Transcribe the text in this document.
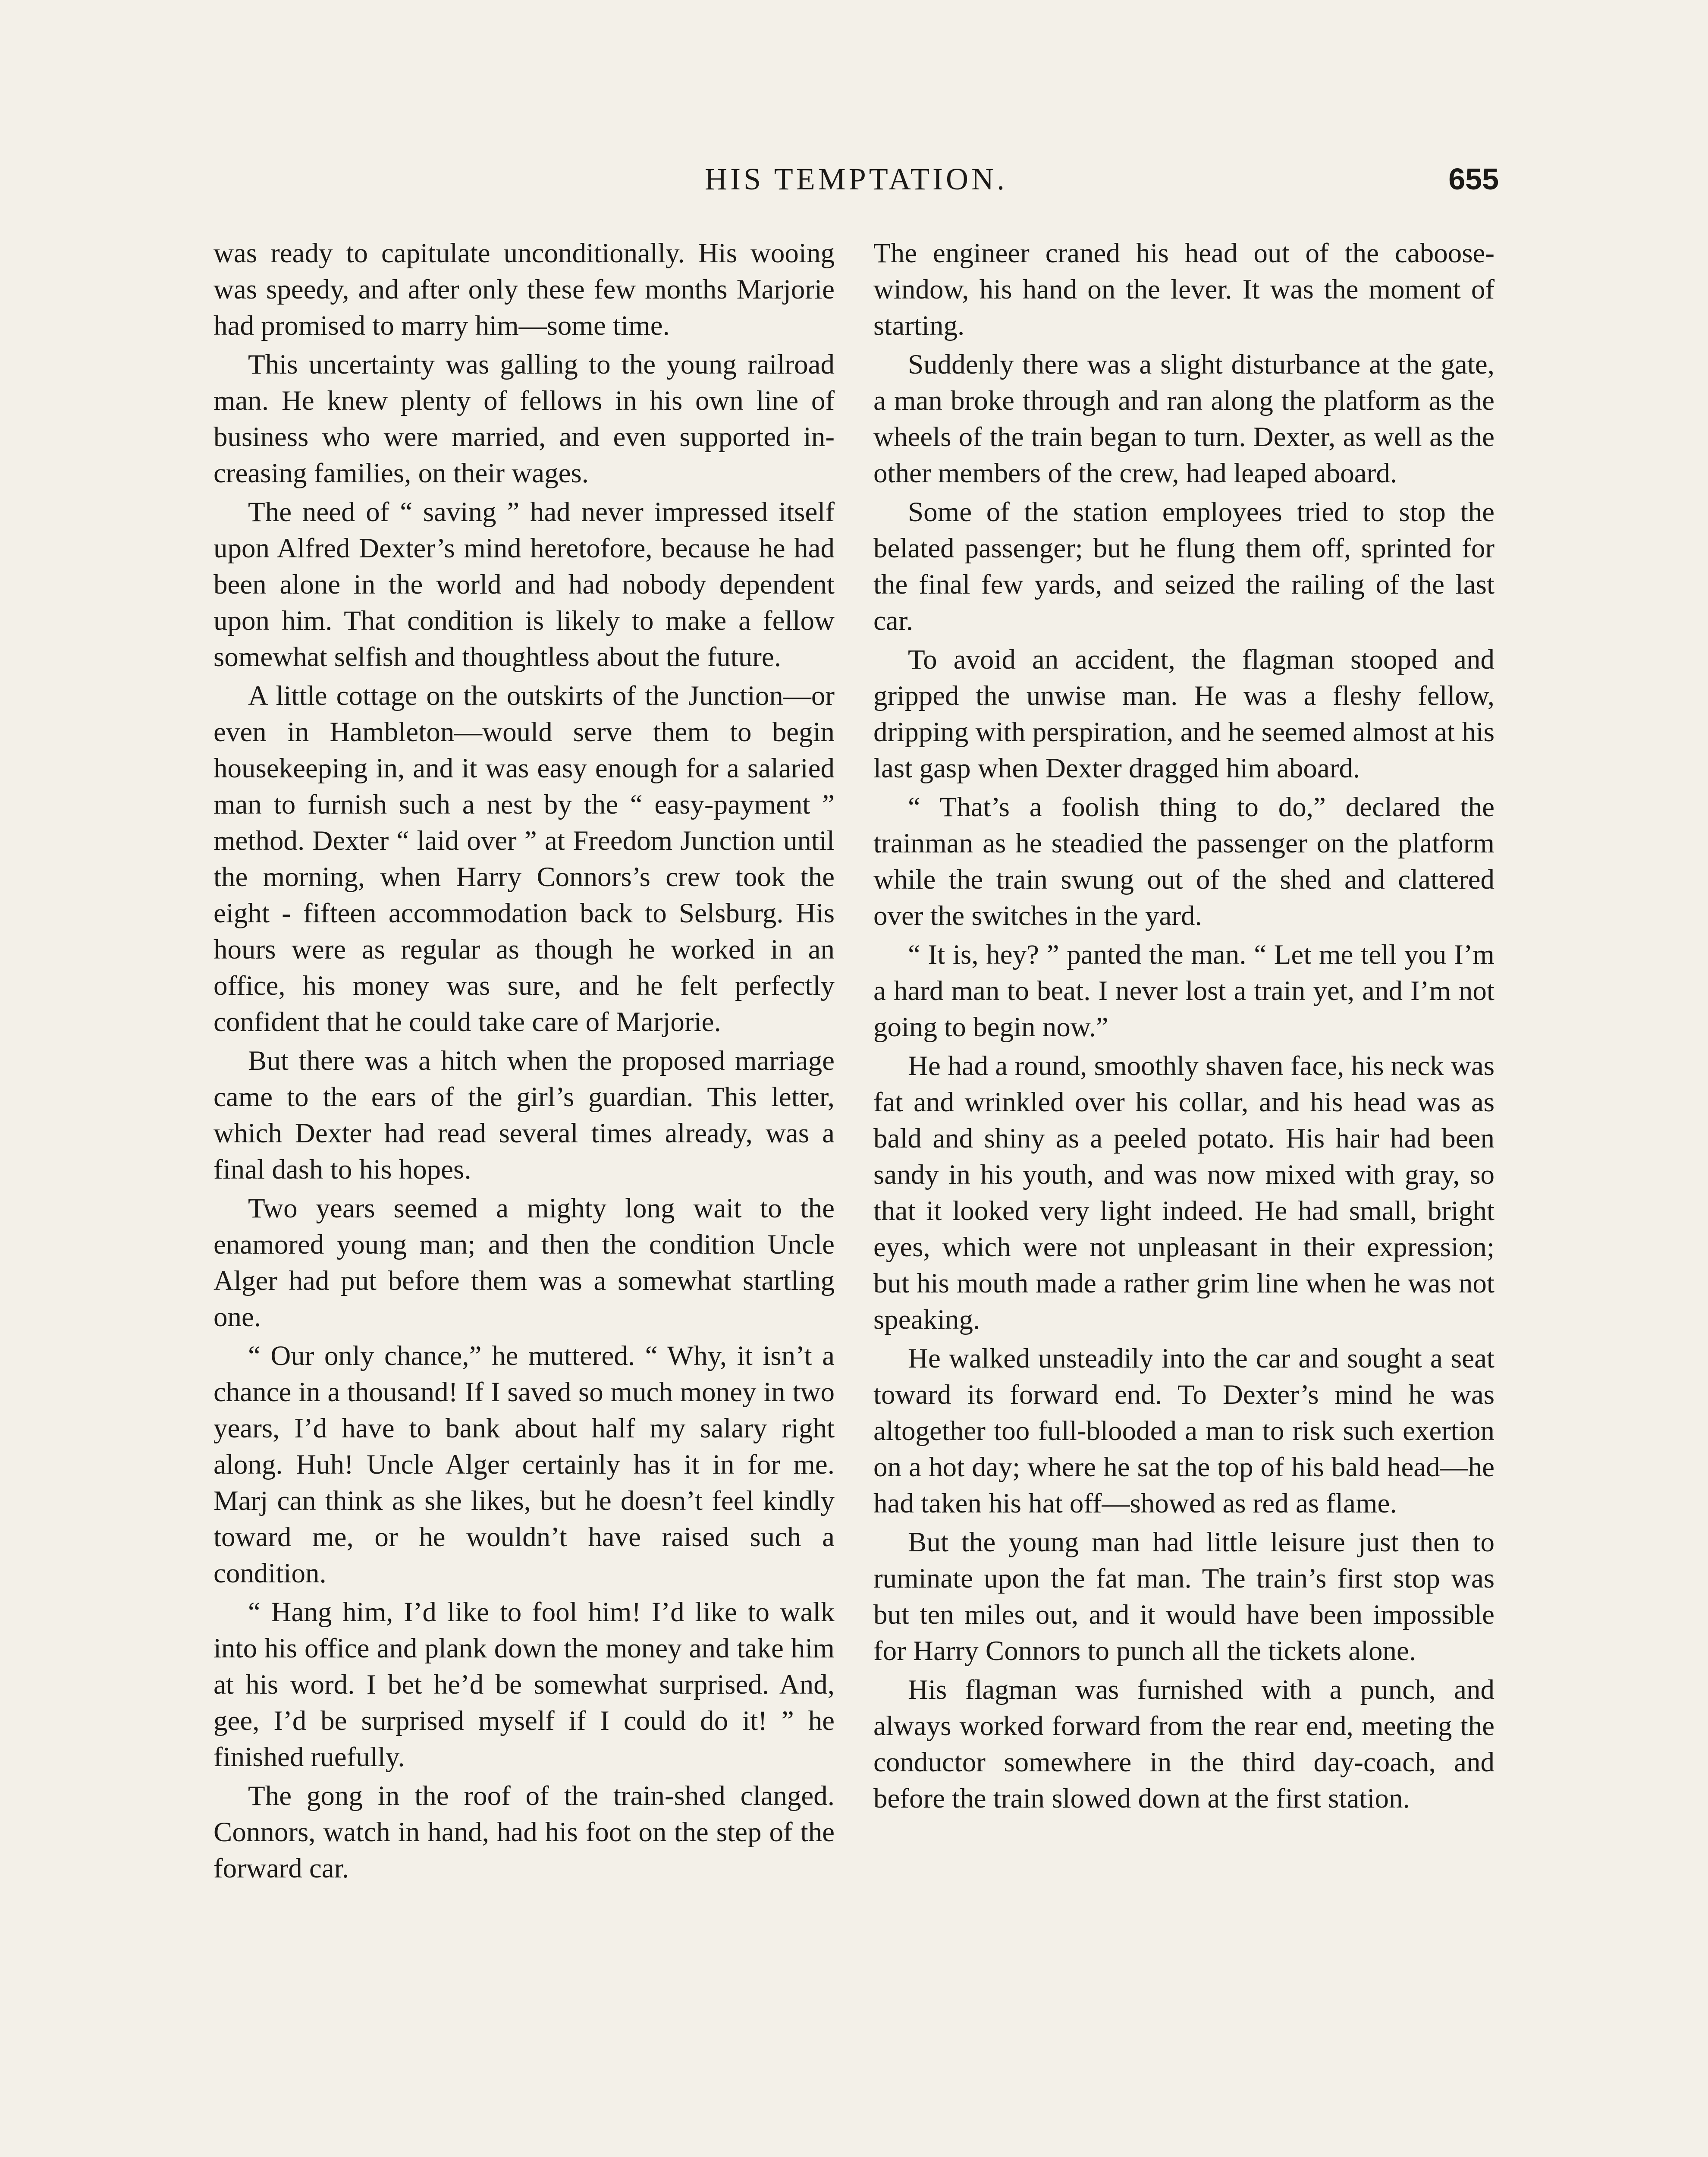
HIS TEMPTATION.	655

was ready to capitulate unconditionally. His wooing was speedy, and after only these few months Marjorie had promised to marry him—some time.

This uncertainty was galling to the young railroad man. He knew plenty of fellows in his own line of business who were married, and even supported increasing families, on their wages.

The need of “ saving ” had never impressed itself upon Alfred Dexter’s mind heretofore, because he had been alone in the world and had nobody dependent upon him. That condition is likely to make a fellow somewhat selfish and thoughtless about the future.

A little cottage on the outskirts of the Junction—or even in Hambleton—would serve them to begin housekeeping in, and it was easy enough for a salaried man to furnish such a nest by the “ easy-payment ” method. Dexter “ laid over ” at Freedom Junction until the morning, when Harry Connors’s crew took the eight - fifteen accommodation back to Selsburg. His hours were as regular as though he worked in an office, his money was sure, and he felt perfectly confident that he could take care of Marjorie.

But there was a hitch when the proposed marriage came to the ears of the girl’s guardian. This letter, which Dexter had read several times already, was a final dash to his hopes.

Two years seemed a mighty long wait to the enamored young man; and then the condition Uncle Alger had put before them was a somewhat startling one.

“ Our only chance,” he muttered. “ Why, it isn’t a chance in a thousand! If I saved so much money in two years, I’d have to bank about half my salary right along. Huh! Uncle Alger certainly has it in for me. Marj can think as she likes, but he doesn’t feel kindly toward me, or he wouldn’t have raised such a condition.

“ Hang him, I’d like to fool him! I’d like to walk into his office and plank down the money and take him at his word. I bet he’d be somewhat surprised. And, gee, I’d be surprised myself if I could do it! ” he finished ruefully.

The gong in the roof of the train-shed clanged. Connors, watch in hand, had his foot on the step of the forward car.

The engineer craned his head out of the caboose-window, his hand on the lever. It was the moment of starting.

Suddenly there was a slight disturbance at the gate, a man broke through and ran along the platform as the wheels of the train began to turn. Dexter, as well as the other members of the crew, had leaped aboard.

Some of the station employees tried to stop the belated passenger; but he flung them off, sprinted for the final few yards, and seized the railing of the last car.

To avoid an accident, the flagman stooped and gripped the unwise man. He was a fleshy fellow, dripping with perspiration, and he seemed almost at his last gasp when Dexter dragged him aboard.

“ That’s a foolish thing to do,” declared the trainman as he steadied the passenger on the platform while the train swung out of the shed and clattered over the switches in the yard.

“ It is, hey? ” panted the man. “ Let me tell you I’m a hard man to beat. I never lost a train yet, and I’m not going to begin now.”

He had a round, smoothly shaven face, his neck was fat and wrinkled over his collar, and his head was as bald and shiny as a peeled potato. His hair had been sandy in his youth, and was now mixed with gray, so that it looked very light indeed. He had small, bright eyes, which were not unpleasant in their expression; but his mouth made a rather grim line when he was not speaking.

He walked unsteadily into the car and sought a seat toward its forward end. To Dexter’s mind he was altogether too full-blooded a man to risk such exertion on a hot day; where he sat the top of his bald head—he had taken his hat off—showed as red as flame.

But the young man had little leisure just then to ruminate upon the fat man. The train’s first stop was but ten miles out, and it would have been impossible for Harry Connors to punch all the tickets alone.

His flagman was furnished with a punch, and always worked forward from the rear end, meeting the conductor somewhere in the third day-coach, and before the train slowed down at the first station.
